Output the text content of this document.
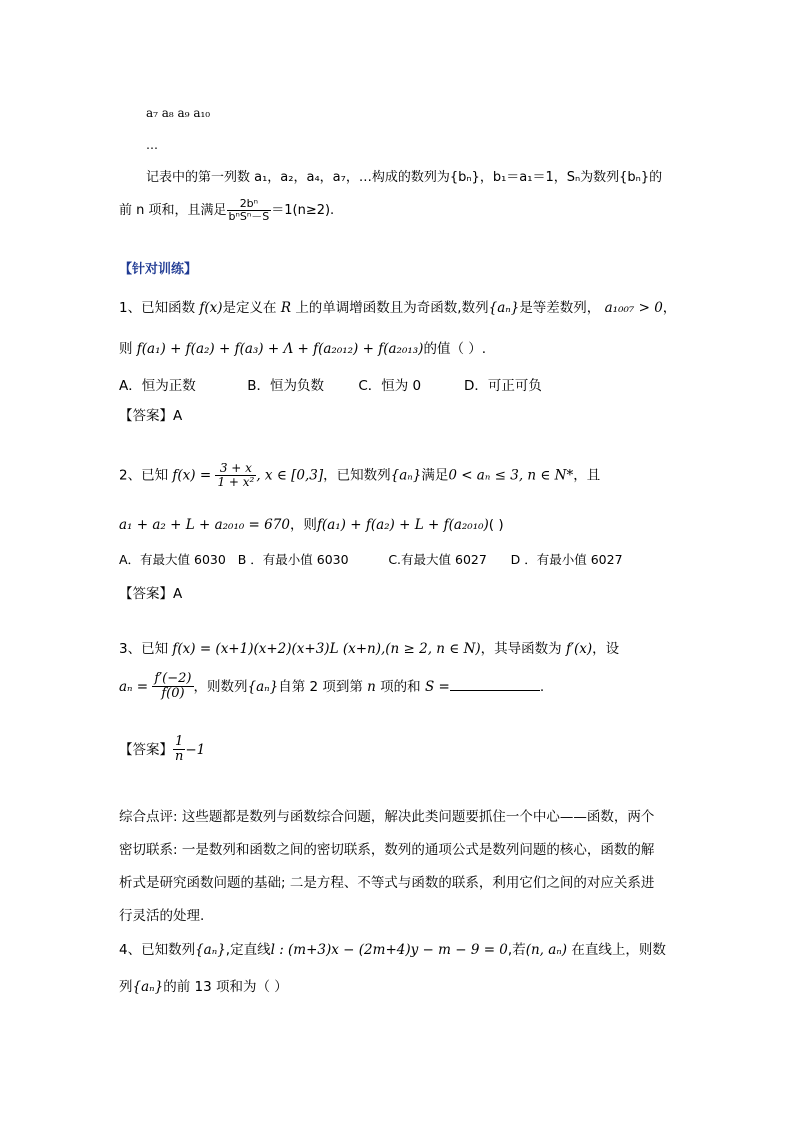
a₇ a₈ a₉ a₁₀
…
记表中的第一列数 a₁，a₂，a₄，a₇，…构成的数列为{bₙ}，b₁＝a₁＝1，Sₙ为数列{bₙ}的
前 n 项和，且满足 $\frac{\text{2bⁿ}}{\text{bⁿSⁿ－S}} =1(n\ge 2)$.
【针对训练】
1、已知函数 f(x)是定义在 R 上的单调增函数且为奇函数,数列{aₙ}是等差数列， a₁₀₀₇ > 0，
则 f(a₁) + f(a₂) + f(a₃) + Λ + f(a₂₀₁₂) + f(a₂₀₁₃)的值（ ）.
A．恒为正数            B．恒为负数        C．恒为 0          D．可正可负
【答案】A
2、已知 $f(x) = \frac{3 + x}{\text{1 + x²}}$ , x ∈ [0,3]，已知数列{aₙ}满足0 < aₙ ≤ 3, n ∈ N*，且
a₁ + a₂ + L + a₂₀₁₀ = 670，则f(a₁) + f(a₂) + L + f(a₂₀₁₀)( )
A．有最大值 6030   B ．有最小值 6030          C.有最大值 6027      D ．有最小值 6027
【答案】A
3、已知 f(x) = (x+1)(x+2)(x+3)L (x+n),(n ≥ 2, n ∈ N)，其导函数为 f′(x)，设
$a_n = \frac{f'(-2)}{f(0)}$ ，则数列{aₙ}自第 2 项到第 n 项的和 S =	.
【答案】 $\frac{1}{n} -1$
综合点评: 这些题都是数列与函数综合问题，解决此类问题要抓住一个中心——函数，两个
密切联系: 一是数列和函数之间的密切联系，数列的通项公式是数列问题的核心，函数的解
析式是研究函数问题的基础; 二是方程、不等式与函数的联系，利用它们之间的对应关系进
行灵活的处理.
4、已知数列{aₙ},定直线l : (m+3)x − (2m+4)y − m − 9 = 0,若(n, aₙ) 在直线上，则数
列{aₙ}的前 13 项和为（ ）
